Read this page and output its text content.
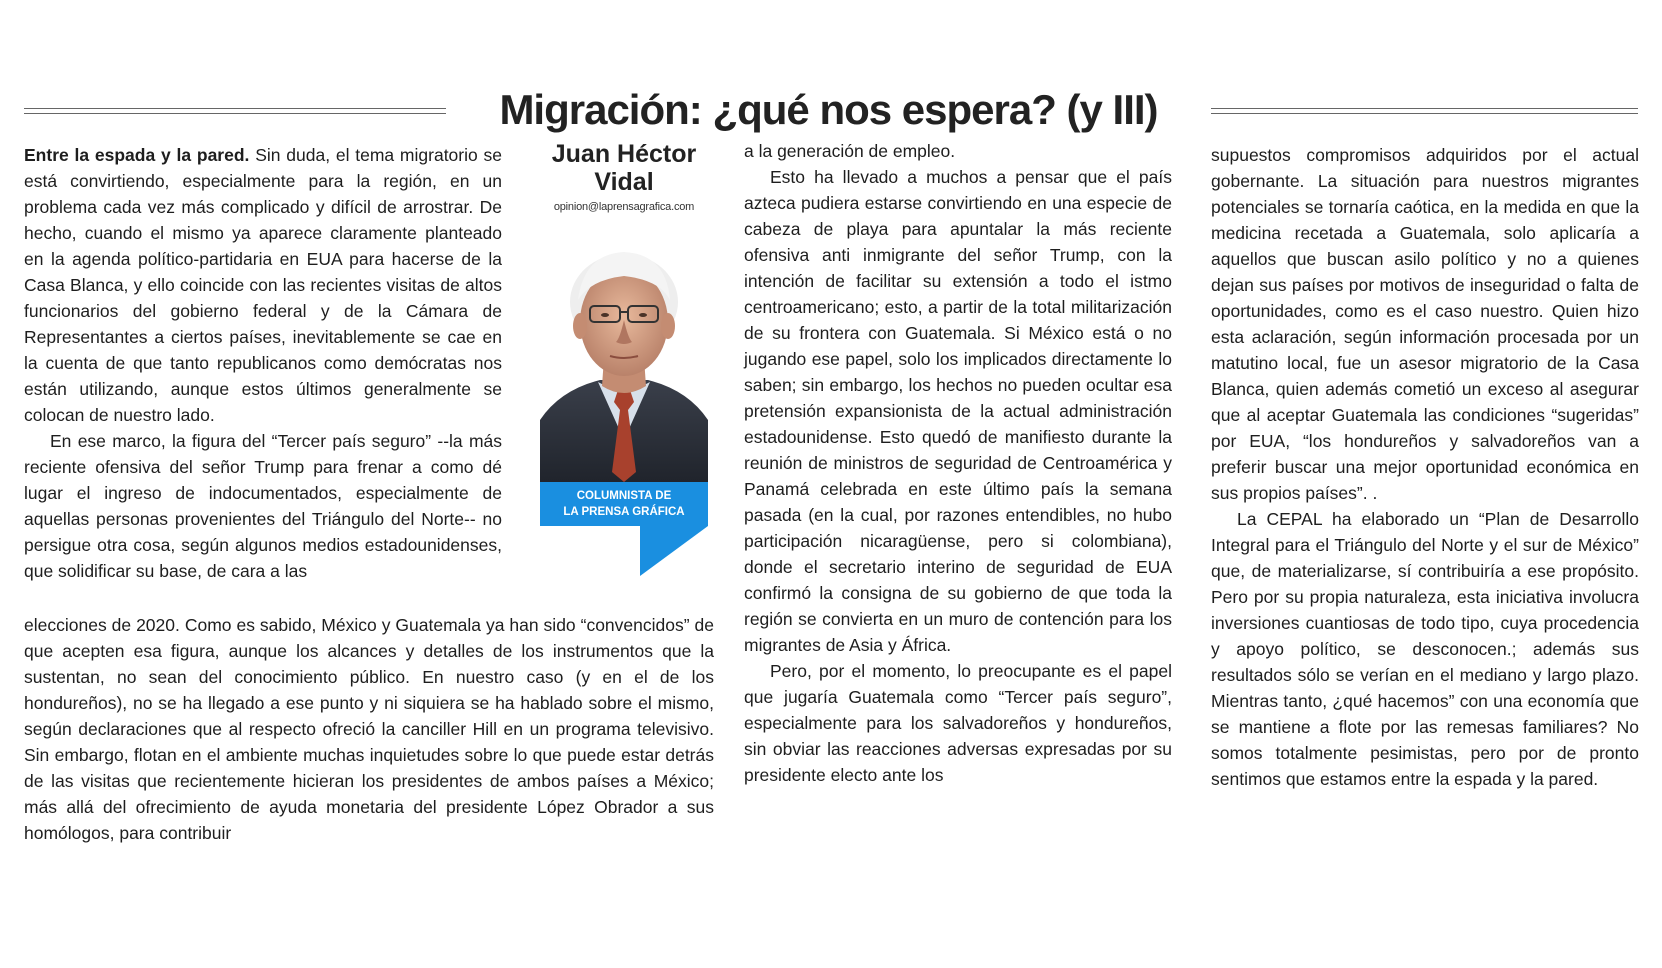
Migración: ¿qué nos espera? (y III)

Entre la espada y la pared. Sin duda, el tema migratorio se está convirtiendo, especialmente para la región, en un problema cada vez más complicado y difícil de arrostrar. De hecho, cuando el mismo ya aparece claramente planteado en la agenda político-partidaria en EUA para hacerse de la Casa Blanca, y ello coincide con las recientes visitas de altos funcionarios del gobierno federal y de la Cámara de Representantes a ciertos países, inevitablemente se cae en la cuenta de que tanto republicanos como demócratas nos están utilizando, aunque estos últimos generalmente se colocan de nuestro lado.

En ese marco, la figura del “Tercer país seguro” --la más reciente ofensiva del señor Trump para frenar a como dé lugar el ingreso de indocumentados, especialmente de aquellas personas provenientes del Triángulo del Norte-- no persigue otra cosa, según algunos medios estadounidenses, que solidificar su base, de cara a las

elecciones de 2020. Como es sabido, México y Guatemala ya han sido “convencidos” de que acepten esa figura, aunque los alcances y detalles de los instrumentos que la sustentan, no sean del conocimiento público. En nuestro caso (y en el de los hondureños), no se ha llegado a ese punto y ni siquiera se ha hablado sobre el mismo, según declaraciones que al respecto ofreció la canciller Hill en un programa televisivo. Sin embargo, flotan en el ambiente muchas inquietudes sobre lo que puede estar detrás de las visitas que recientemente hicieran los presidentes de ambos países a México; más allá del ofrecimiento de ayuda monetaria del presidente López Obrador a sus homólogos, para contribuir

Juan Héctor
Vidal
opinion@laprensagrafica.com
COLUMNISTA DE
LA PRENSA GRÁFICA

a la generación de empleo.

Esto ha llevado a muchos a pensar que el país azteca pudiera estarse convirtiendo en una especie de cabeza de playa para apuntalar la más reciente ofensiva anti inmigrante del señor Trump, con la intención de facilitar su extensión a todo el istmo centroamericano; esto, a partir de la total militarización de su frontera con Guatemala. Si México está o no jugando ese papel, solo los implicados directamente lo saben; sin embargo, los hechos no pueden ocultar esa pretensión expansionista de la actual administración estadounidense. Esto quedó de manifiesto durante la reunión de ministros de seguridad de Centroamérica y Panamá celebrada en este último país la semana pasada (en la cual, por razones entendibles, no hubo participación nicaragüense, pero si colombiana), donde el secretario interino de seguridad de EUA confirmó la consigna de su gobierno de que toda la región se convierta en un muro de contención para los migrantes de Asia y África.

Pero, por el momento, lo preocupante es el papel que jugaría Guatemala como “Tercer país seguro”, especialmente para los salvadoreños y hondureños, sin obviar las reacciones adversas expresadas por su presidente electo ante los

supuestos compromisos adquiridos por el actual gobernante. La situación para nuestros migrantes potenciales se tornaría caótica, en la medida en que la medicina recetada a Guatemala, solo aplicaría a aquellos que buscan asilo político y no a quienes dejan sus países por motivos de inseguridad o falta de oportunidades, como es el caso nuestro. Quien hizo esta aclaración, según información procesada por un matutino local, fue un asesor migratorio de la Casa Blanca, quien además cometió un exceso al asegurar que al aceptar Guatemala las condiciones “sugeridas” por EUA, “los hondureños y salvadoreños van a preferir buscar una mejor oportunidad económica en sus propios países”. .

La CEPAL ha elaborado un “Plan de Desarrollo Integral para el Triángulo del Norte y el sur de México” que, de materializarse, sí contribuiría a ese propósito. Pero por su propia naturaleza, esta iniciativa involucra inversiones cuantiosas de todo tipo, cuya procedencia y apoyo político, se desconocen.; además sus resultados sólo se verían en el mediano y largo plazo. Mientras tanto, ¿qué hacemos” con una economía que se mantiene a flote por las remesas familiares? No somos totalmente pesimistas, pero por de pronto sentimos que estamos entre la espada y la pared.
